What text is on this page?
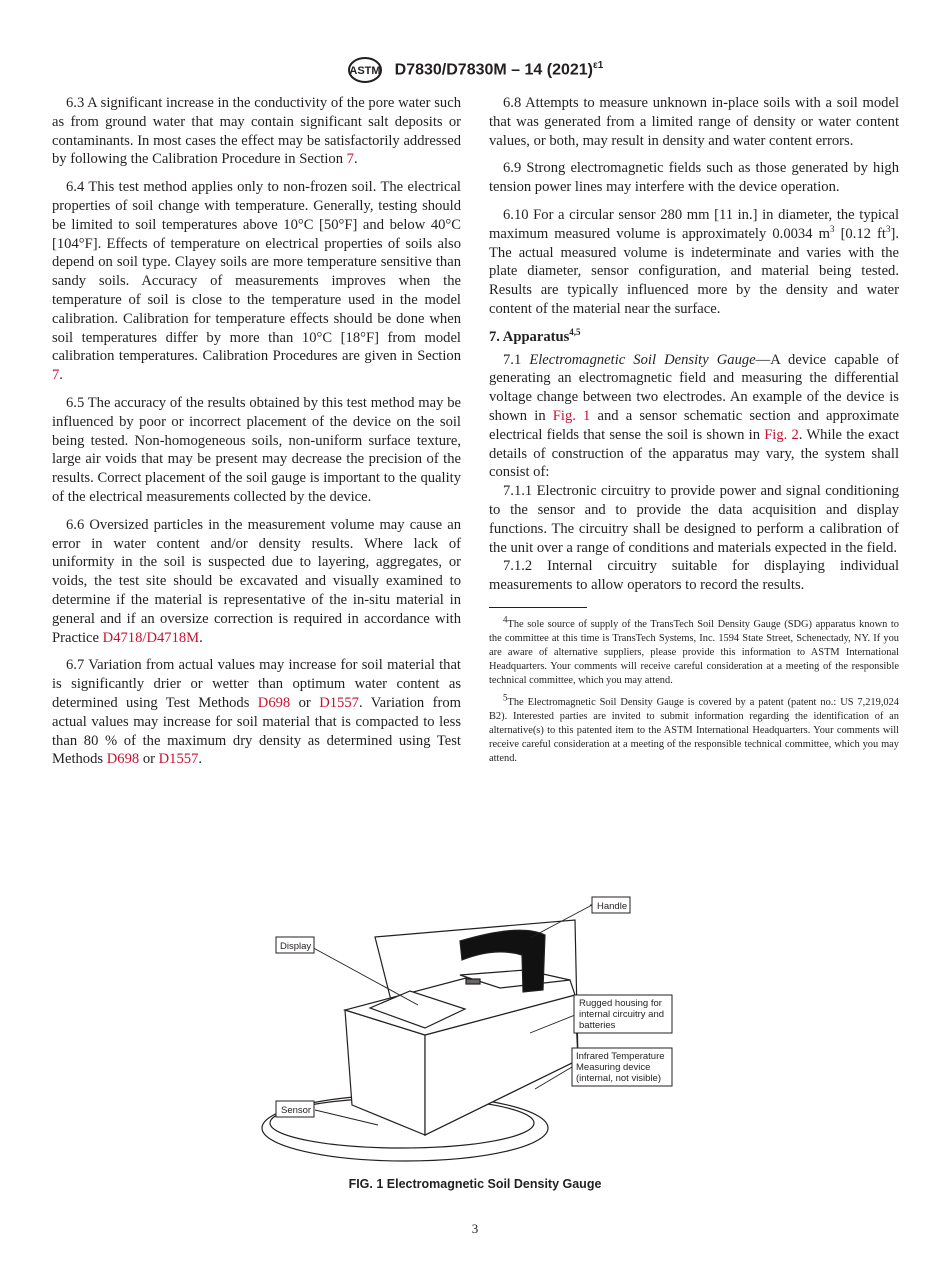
ASTM D7830/D7830M – 14 $(2021)^{\varepsilon 1}$

6.3 A significant increase in the conductivity of the pore water such as from ground water that may contain significant salt deposits or contaminants. In most cases the effect may be satisfactorily addressed by following the Calibration Procedure in Section 7.

6.4 This test method applies only to non-frozen soil. The electrical properties of soil change with temperature. Generally, testing should be limited to soil temperatures above 10°C [50°F] and below 40°C [104°F]. Effects of temperature on electrical properties of soils also depend on soil type. Clayey soils are more temperature sensitive than sandy soils. Accuracy of measurements improves when the temperature of soil is close to the temperature used in the model calibration. Calibration for temperature effects should be done when soil temperatures differ by more than 10°C [18°F] from model calibration temperatures. Calibration Procedures are given in Section 7.

6.5 The accuracy of the results obtained by this test method may be influenced by poor or incorrect placement of the device on the soil being tested. Non-homogeneous soils, non-uniform surface texture, large air voids that may be present may decrease the precision of the results. Correct placement of the soil gauge is important to the quality of the electrical measurements collected by the device.

6.6 Oversized particles in the measurement volume may cause an error in water content and/or density results. Where lack of uniformity in the soil is suspected due to layering, aggregates, or voids, the test site should be excavated and visually examined to determine if the material is representative of the in-situ material in general and if an oversize correction is required in accordance with Practice D4718/D4718M.

6.7 Variation from actual values may increase for soil material that is significantly drier or wetter than optimum water content as determined using Test Methods D698 or D1557. Variation from actual values may increase for soil material that is compacted to less than 80 % of the maximum dry density as determined using Test Methods D698 or D1557.

6.8 Attempts to measure unknown in-place soils with a soil model that was generated from a limited range of density or water content values, or both, may result in density and water content errors.

6.9 Strong electromagnetic fields such as those generated by high tension power lines may interfere with the device operation.

6.10 For a circular sensor 280 mm [11 in.] in diameter, the typical maximum measured volume is approximately 0.0034 $m^3$ [0.12 $ft^3$]. The actual measured volume is indeterminate and varies with the plate diameter, sensor configuration, and material being tested. Results are typically influenced more by the density and water content of the material near the surface.

7. Apparatus$^{4,5}$

7.1 Electromagnetic Soil Density Gauge—A device capable of generating an electromagnetic field and measuring the differential voltage change between two electrodes. An example of the device is shown in Fig. 1 and a sensor schematic section and approximate electrical fields that sense the soil is shown in Fig. 2. While the exact details of construction of the apparatus may vary, the system shall consist of:

7.1.1 Electronic circuitry to provide power and signal conditioning to the sensor and to provide the data acquisition and display functions. The circuitry shall be designed to perform a calibration of the unit over a range of conditions and materials expected in the field.

7.1.2 Internal circuitry suitable for displaying individual measurements to allow operators to record the results.

$^4$The sole source of supply of the TransTech Soil Density Gauge (SDG) apparatus known to the committee at this time is TransTech Systems, Inc. 1594 State Street, Schenectady, NY. If you are aware of alternative suppliers, please provide this information to ASTM International Headquarters. Your comments will receive careful consideration at a meeting of the responsible technical committee, which you may attend.

$^5$The Electromagnetic Soil Density Gauge is covered by a patent (patent no.: US 7,219,024 B2). Interested parties are invited to submit information regarding the identification of an alternative(s) to this patented item to the ASTM International Headquarters. Your comments will receive careful consideration at a meeting of the responsible technical committee, which you may attend.

Handle
Display
Rugged housing for
internal circuitry and
batteries
Infrared Temperature
Measuring device
(internal, not visible)
Sensor
FIG. 1 Electromagnetic Soil Density Gauge
3
